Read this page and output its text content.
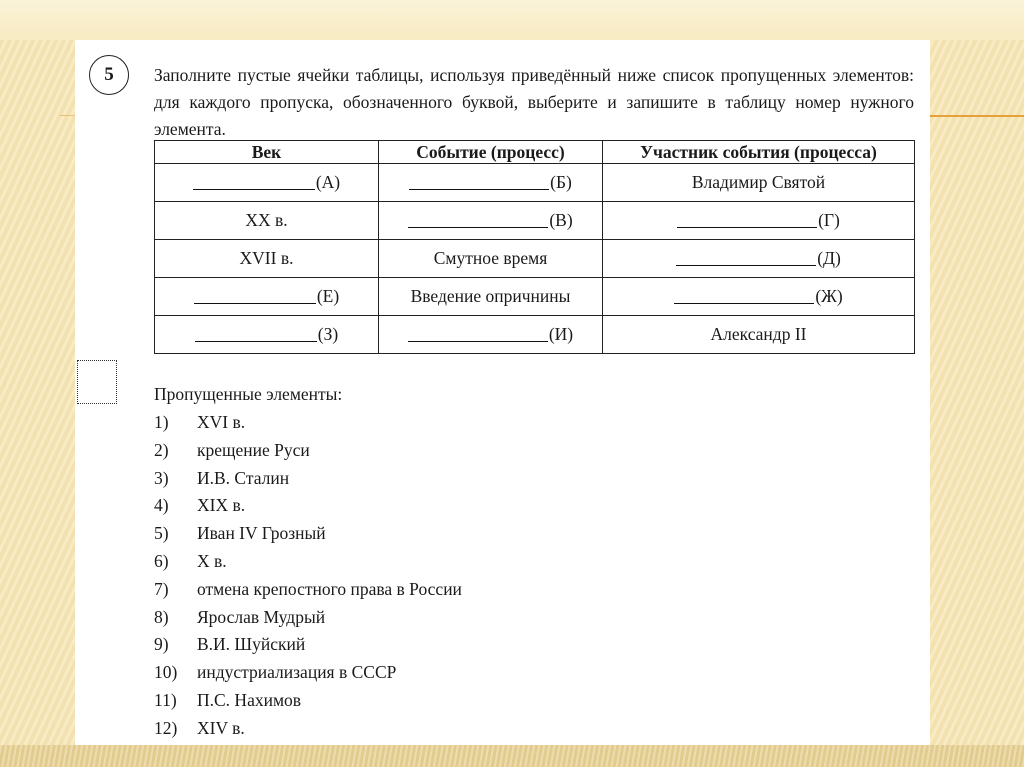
5 Заполните пустые ячейки таблицы, используя приведённый ниже список пропущенных элементов: для каждого пропуска, обозначенного буквой, выберите и запишите в таблицу номер нужного элемента.
Век	Событие (процесс)	Участник события (процесса)
(А)	(Б)	Владимир Святой
XX в.	(В)	(Г)
XVII в.	Смутное время	(Д)
(Е)	Введение опричнины	(Ж)
(З)	(И)	Александр II
Пропущенные элементы:
1)	XVI в.
2)	крещение Руси
3)	И.В. Сталин
4)	XIX в.
5)	Иван IV Грозный
6)	X в.
7)	отмена крепостного права в России
8)	Ярослав Мудрый
9)	В.И. Шуйский
10)	индустриализация в СССР
11)	П.С. Нахимов
12)	XIV в.
